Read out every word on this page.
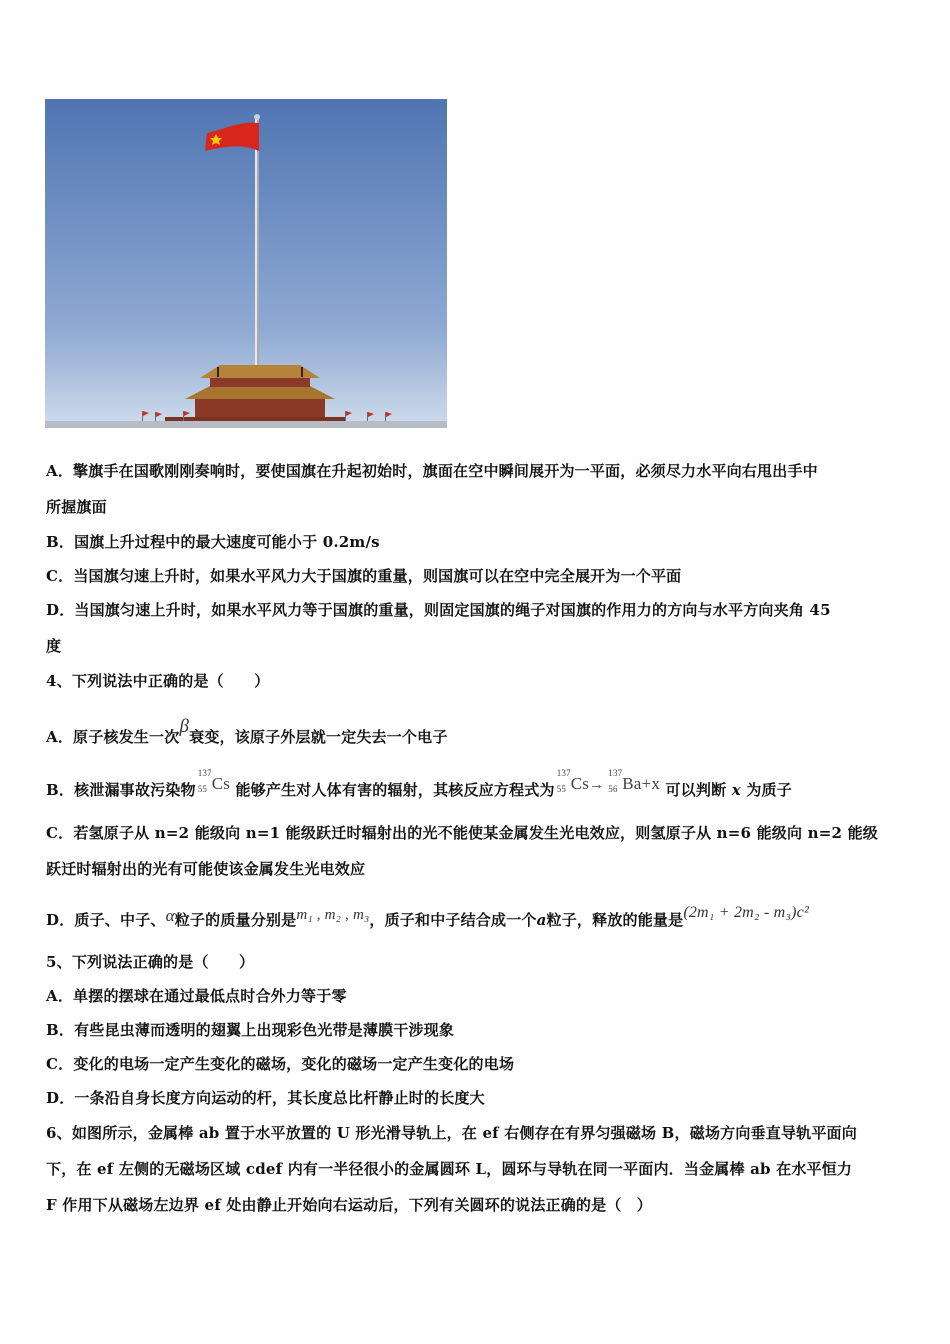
A．擎旗手在国歌刚刚奏响时，要使国旗在升起初始时，旗面在空中瞬间展开为一平面，必须尽力水平向右甩出手中
所握旗面
B．国旗上升过程中的最大速度可能小于 0.2m/s
C．当国旗匀速上升时，如果水平风力大于国旗的重量，则国旗可以在空中完全展开为一个平面
D．当国旗匀速上升时，如果水平风力等于国旗的重量，则固定国旗的绳子对国旗的作用力的方向与水平方向夹角 45
度
4、下列说法中正确的是（　　）
A．原子核发生一次β衰变，该原子外层就一定失去一个电子
B．核泄漏事故污染物
137
55 Cs 能够产生对人体有害的辐射，其核反应方程式为
137
55 Cs→
137
56 Ba+x 可以判断 x 为质子
C．若氢原子从 n=2 能级向 n=1 能级跃迁时辐射出的光不能使某金属发生光电效应，则氢原子从 n=6 能级向 n=2 能级
跃迁时辐射出的光有可能使该金属发生光电效应
D．质子、中子、α粒子的质量分别是m₁ , m₂ , m₃，质子和中子结合成一个a粒子，释放的能量是(2m₁ + 2m₂ - m₃)c²
5、下列说法正确的是（　　）
A．单摆的摆球在通过最低点时合外力等于零
B．有些昆虫薄而透明的翅翼上出现彩色光带是薄膜干涉现象
C．变化的电场一定产生变化的磁场，变化的磁场一定产生变化的电场
D．一条沿自身长度方向运动的杆，其长度总比杆静止时的长度大
6、如图所示，金属棒 ab 置于水平放置的 U 形光滑导轨上，在 ef 右侧存在有界匀强磁场 B，磁场方向垂直导轨平面向
下，在 ef 左侧的无磁场区域 cdef 内有一半径很小的金属圆环 L，圆环与导轨在同一平面内．当金属棒 ab 在水平恒力
F 作用下从磁场左边界 ef 处由静止开始向右运动后，下列有关圆环的说法正确的是（　）
